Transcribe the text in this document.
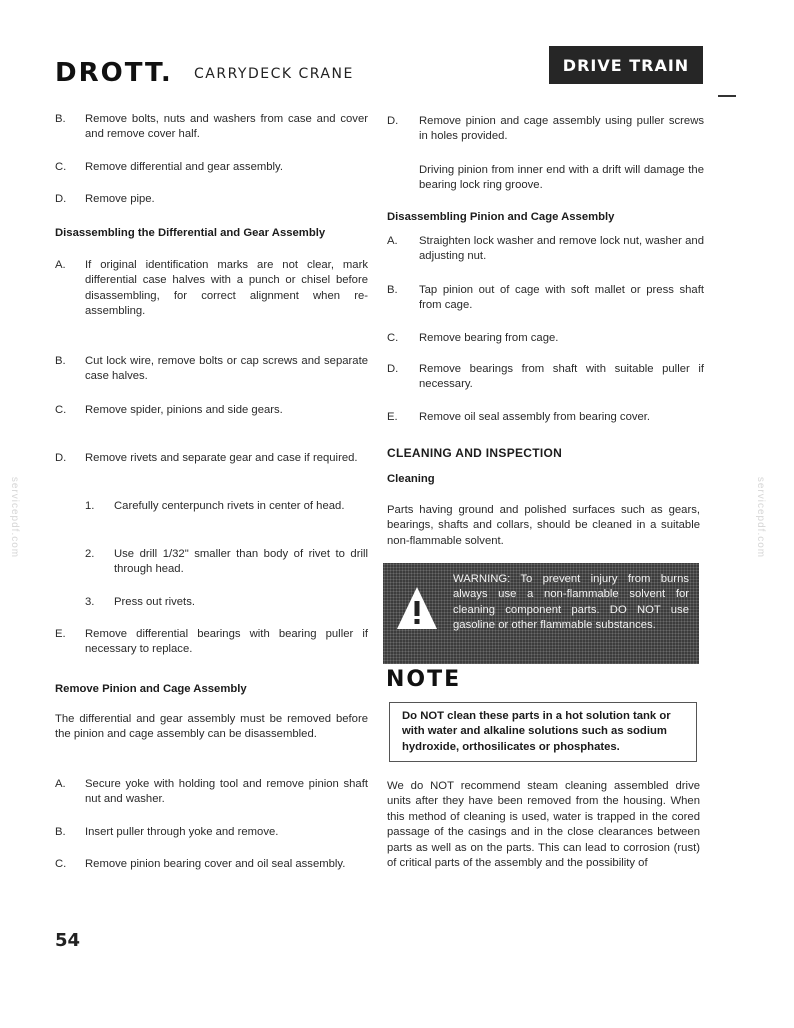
DROTT. CARRYDECK CRANE	DRIVE TRAIN
servicepdf.com	servicepdf.com
B. Remove bolts, nuts and washers from case and cover and remove cover half.
C. Remove differential and gear assembly.
D. Remove pipe.
Disassembling the Differential and Gear Assembly
A. If original identification marks are not clear, mark differential case halves with a punch or chisel before disassembling, for correct alignment when re-assembling.
B. Cut lock wire, remove bolts or cap screws and separate case halves.
C. Remove spider, pinions and side gears.
D. Remove rivets and separate gear and case if required.
1. Carefully centerpunch rivets in center of head.
2. Use drill 1/32" smaller than body of rivet to drill through head.
3. Press out rivets.
E. Remove differential bearings with bearing puller if necessary to replace.
Remove Pinion and Cage Assembly
The differential and gear assembly must be removed before the pinion and cage assembly can be disassembled.
A. Secure yoke with holding tool and remove pinion shaft nut and washer.
B. Insert puller through yoke and remove.
C. Remove pinion bearing cover and oil seal assembly.
D. Remove pinion and cage assembly using puller screws in holes provided.
Driving pinion from inner end with a drift will damage the bearing lock ring groove.
Disassembling Pinion and Cage Assembly
A. Straighten lock washer and remove lock nut, washer and adjusting nut.
B. Tap pinion out of cage with soft mallet or press shaft from cage.
C. Remove bearing from cage.
D. Remove bearings from shaft with suitable puller if necessary.
E. Remove oil seal assembly from bearing cover.
CLEANING AND INSPECTION
Cleaning
Parts having ground and polished surfaces such as gears, bearings, shafts and collars, should be cleaned in a suitable non-flammable solvent.
WARNING: To prevent injury from burns always use a non-flammable solvent for cleaning component parts. DO NOT use gasoline or other flammable substances.
NOTE
Do NOT clean these parts in a hot solution tank or with water and alkaline solutions such as sodium hydroxide, orthosilicates or phosphates.
We do NOT recommend steam cleaning assembled drive units after they have been removed from the housing. When this method of cleaning is used, water is trapped in the cored passage of the casings and in the close clearances between parts as well as on the parts. This can lead to corrosion (rust) of critical parts of the assembly and the possibility of
54
